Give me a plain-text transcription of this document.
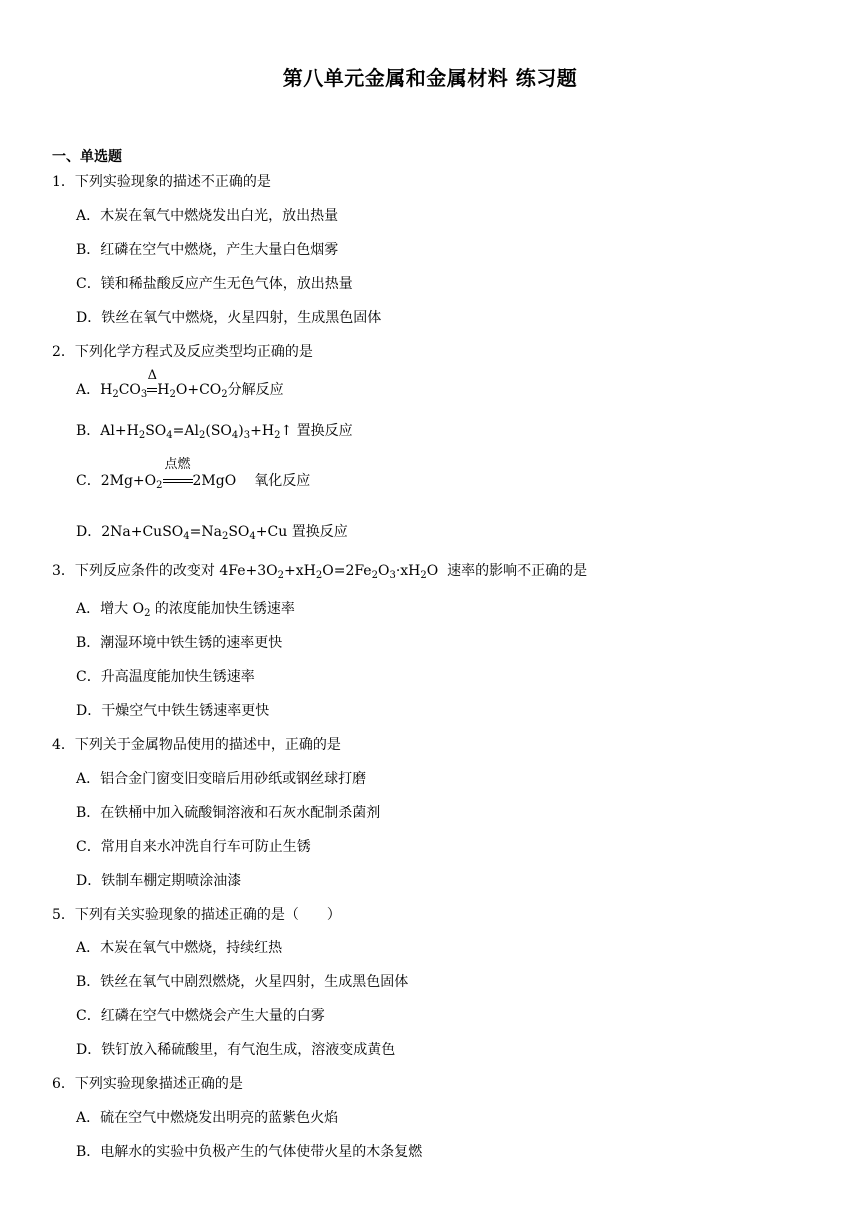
第八单元金属和金属材料 练习题
一、单选题
1．下列实验现象的描述不正确的是
A．木炭在氧气中燃烧发出白光，放出热量
B．红磷在空气中燃烧，产生大量白色烟雾
C．镁和稀盐酸反应产生无色气体，放出热量
D．铁丝在氧气中燃烧，火星四射，生成黑色固体
2．下列化学方程式及反应类型均正确的是
A．$H_2CO_3$
Δ
$H_2O+CO_2$分解反应
B．$Al+H_2SO_4=Al_2(SO_4)_3+H_2↑$ 置换反应
C．$2Mg+O_2$
点燃
2MgO 氧化反应
D．$2Na+CuSO_4=Na_2SO_4+Cu$ 置换反应
3．下列反应条件的改变对 $4Fe+3O_2+xH_2O=2Fe_2O_3\cdot xH_2O$  速率的影响不正确的是
A．增大 $O_2$ 的浓度能加快生锈速率
B．潮湿环境中铁生锈的速率更快
C．升高温度能加快生锈速率
D．干燥空气中铁生锈速率更快
4．下列关于金属物品使用的描述中，正确的是
A．铝合金门窗变旧变暗后用砂纸或钢丝球打磨
B．在铁桶中加入硫酸铜溶液和石灰水配制杀菌剂
C．常用自来水冲洗自行车可防止生锈
D．铁制车棚定期喷涂油漆
5．下列有关实验现象的描述正确的是（　　）
A．木炭在氧气中燃烧，持续红热
B．铁丝在氧气中剧烈燃烧，火星四射，生成黑色固体
C．红磷在空气中燃烧会产生大量的白雾
D．铁钉放入稀硫酸里，有气泡生成，溶液变成黄色
6．下列实验现象描述正确的是
A．硫在空气中燃烧发出明亮的蓝紫色火焰
B．电解水的实验中负极产生的气体使带火星的木条复燃
